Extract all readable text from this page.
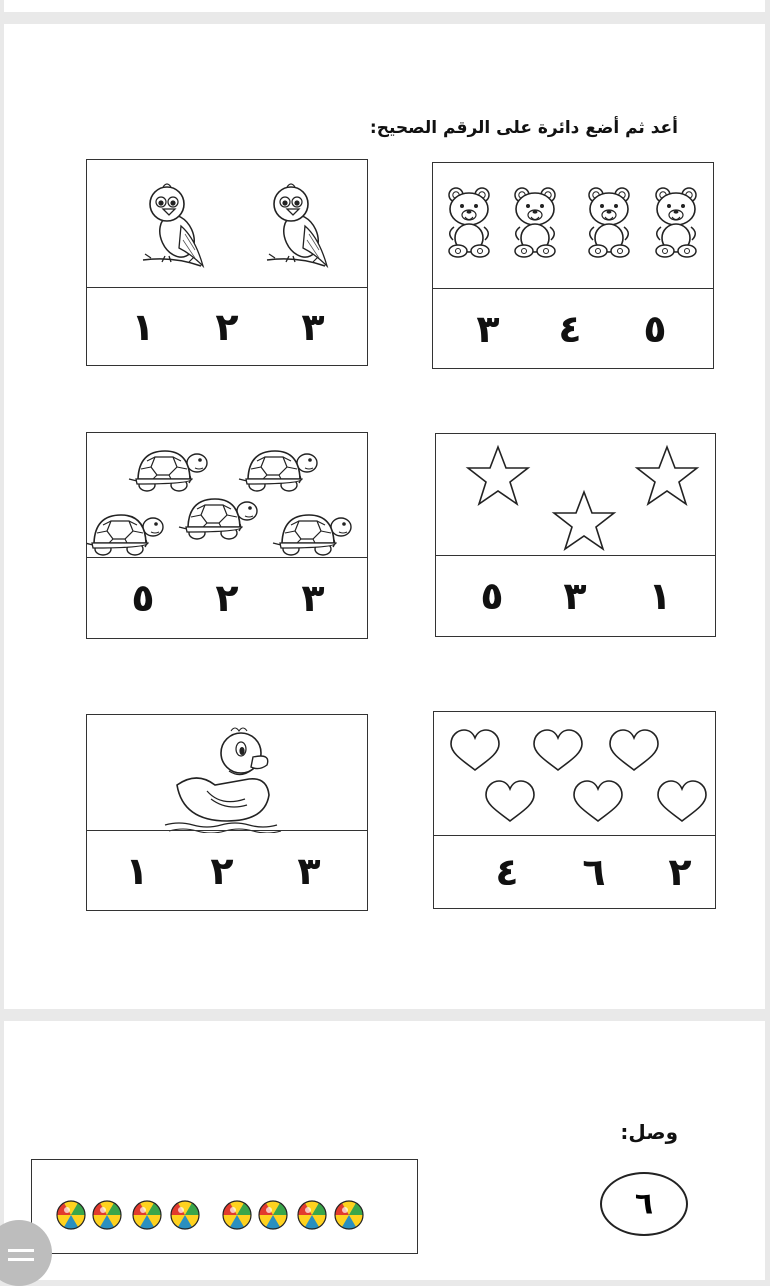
أعد ثم أضع دائرة على الرقم الصحيح:
٥
٤
٣
٣
٢
١
١
٣
٥
٣
٢
٥
٢
٦
٤
٣
٢
١
وصل:
٦
